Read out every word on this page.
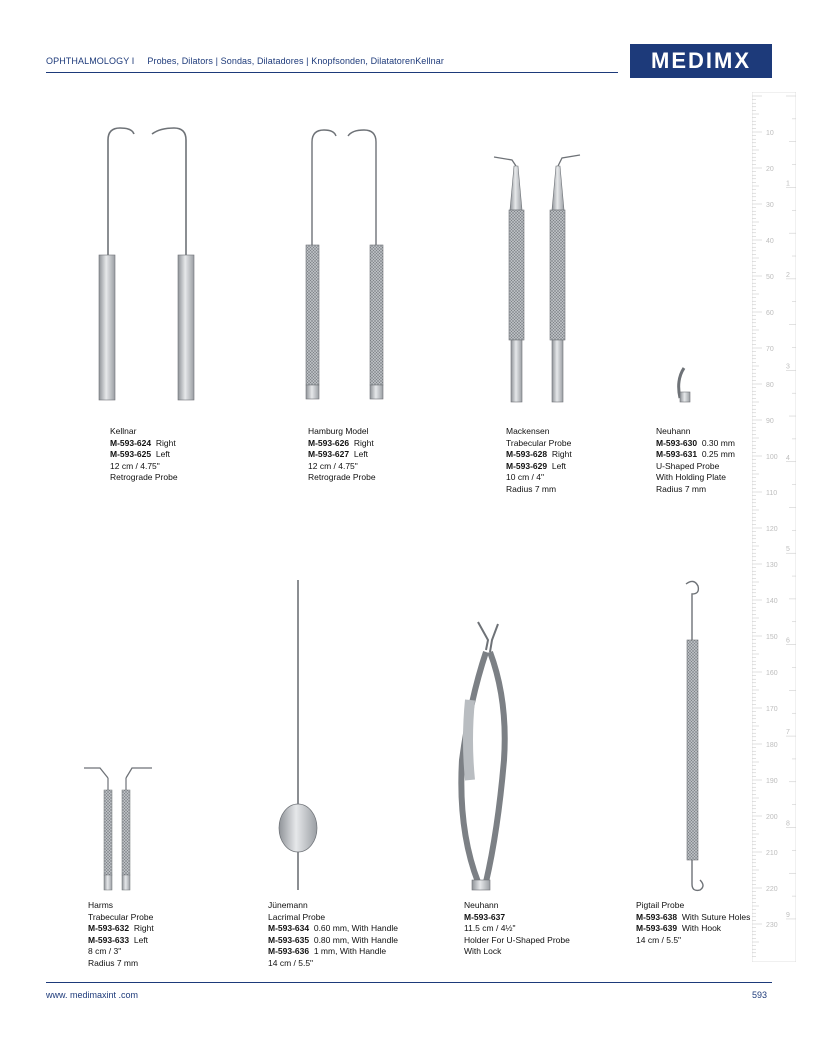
OPHTHALMOLOGY I Probes, Dilators | Sondas, Dilatadores | Knopfsonden, DilatatorenKellnar	MEDIMX
10
20
30
40
50
60
70
80
90
100
110
120
130
140
150
160
170
180
190
200
210
220
230
1
2
3
4
5
6
7
8
9
Kellnar
M-593-624 Right
M-593-625 Left
12 cm / 4.75"
Retrograde Probe
Hamburg Model
M-593-626 Right
M-593-627 Left
12 cm / 4.75"
Retrograde Probe
Mackensen
Trabecular Probe
M-593-628 Right
M-593-629 Left
10 cm / 4"
Radius 7 mm
Neuhann
M-593-630 0.30 mm
M-593-631 0.25 mm
U-Shaped Probe
With Holding Plate
Radius 7 mm
Harms
Trabecular Probe
M-593-632 Right
M-593-633 Left
8 cm / 3"
Radius 7 mm
Jünemann
Lacrimal Probe
M-593-634 0.60 mm, With Handle
M-593-635 0.80 mm, With Handle
M-593-636 1 mm, With Handle
14 cm / 5.5"
Neuhann
M-593-637
11.5 cm / 4½"
Holder For U-Shaped Probe
With Lock
Pigtail Probe
M-593-638 With Suture Holes
M-593-639 With Hook
14 cm / 5.5"
www. medimaxint .com	593
